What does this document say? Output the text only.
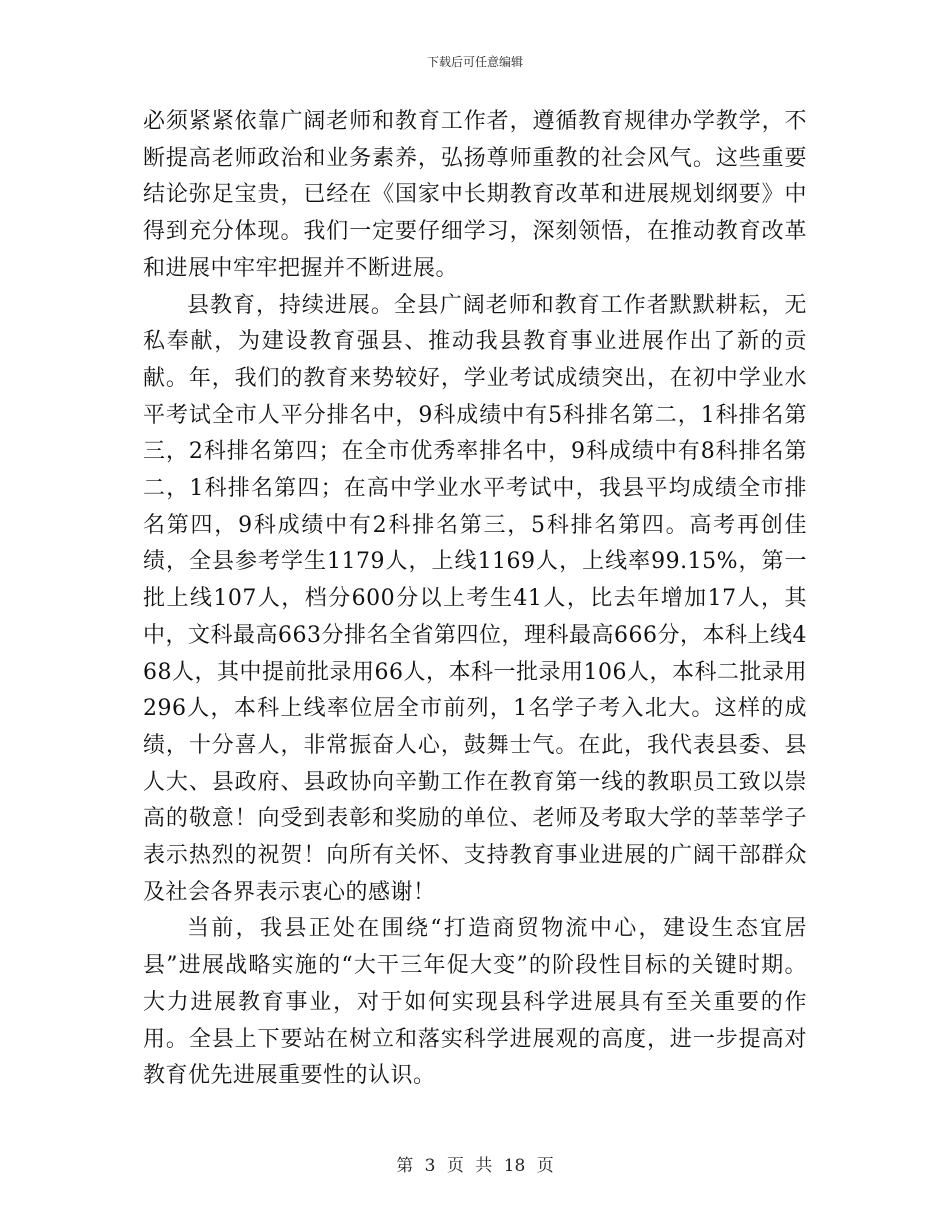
下载后可任意编辑

必须紧紧依靠广阔老师和教育工作者，遵循教育规律办学教学，不断提高老师政治和业务素养，弘扬尊师重教的社会风气。这些重要结论弥足宝贵，已经在《国家中长期教育改革和进展规划纲要》中得到充分体现。我们一定要仔细学习，深刻领悟，在推动教育改革和进展中牢牢把握并不断进展。

县教育，持续进展。全县广阔老师和教育工作者默默耕耘，无私奉献，为建设教育强县、推动我县教育事业进展作出了新的贡献。年，我们的教育来势较好，学业考试成绩突出，在初中学业水平考试全市人平分排名中，9科成绩中有5科排名第二，1科排名第三，2科排名第四；在全市优秀率排名中，9科成绩中有8科排名第二，1科排名第四；在高中学业水平考试中，我县平均成绩全市排名第四，9科成绩中有2科排名第三，5科排名第四。高考再创佳绩，全县参考学生1179人，上线1169人，上线率99.15%，第一批上线107人，档分600分以上考生41人，比去年增加17人，其中，文科最高663分排名全省第四位，理科最高666分，本科上线468人，其中提前批录用66人，本科一批录用106人，本科二批录用296人，本科上线率位居全市前列，1名学子考入北大。这样的成绩，十分喜人，非常振奋人心，鼓舞士气。在此，我代表县委、县人大、县政府、县政协向辛勤工作在教育第一线的教职员工致以崇高的敬意！向受到表彰和奖励的单位、老师及考取大学的莘莘学子表示热烈的祝贺！向所有关怀、支持教育事业进展的广阔干部群众及社会各界表示衷心的感谢！

当前，我县正处在围绕“打造商贸物流中心，建设生态宜居县”进展战略实施的“大干三年促大变”的阶段性目标的关键时期。大力进展教育事业，对于如何实现县科学进展具有至关重要的作用。全县上下要站在树立和落实科学进展观的高度，进一步提高对教育优先进展重要性的认识。

第 3 页 共 18 页
